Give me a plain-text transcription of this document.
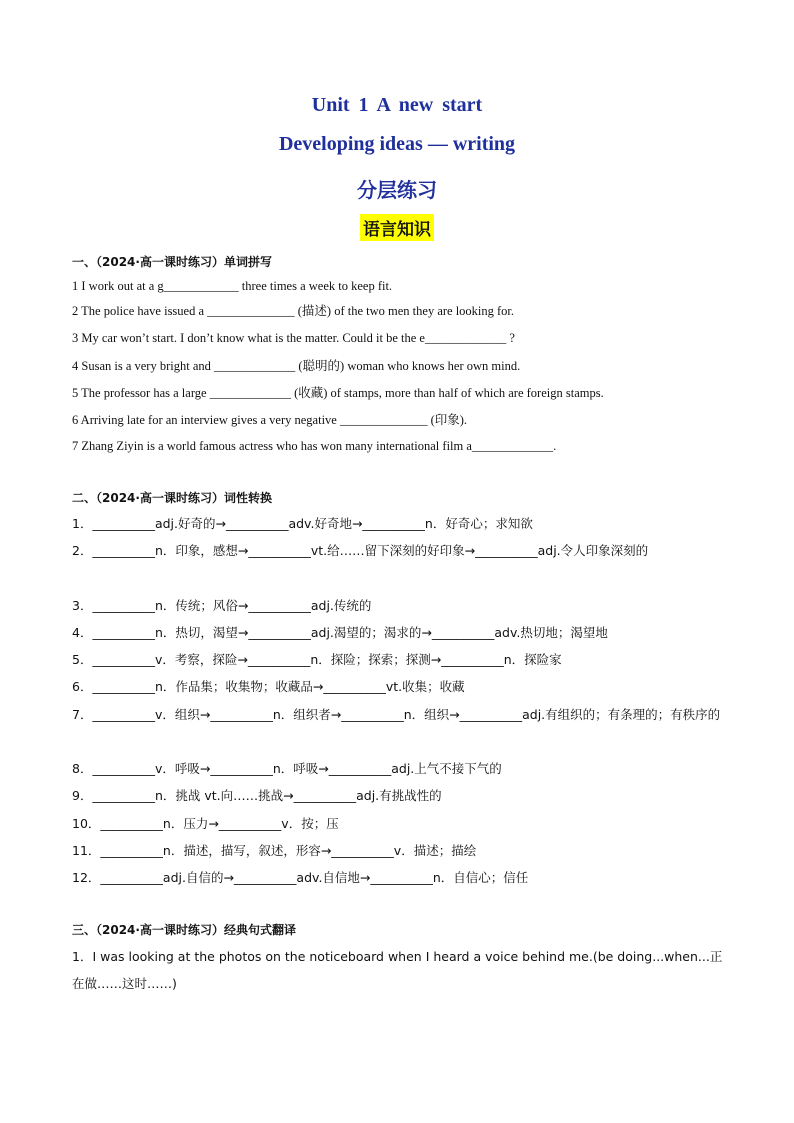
Unit 1 A new start
Developing ideas — writing
分层练习
语言知识
一、（2024·高一课时练习）单词拼写
1 I work out at a g____________ three times a week to keep fit.
2 The police have issued a ______________ (描述) of the two men they are looking for.
3 My car won’t start. I don’t know what is the matter. Could it be the e_____________ ?
4 Susan is a very bright and _____________ (聪明的) woman who knows her own mind.
5 The professor has a large _____________ (收藏) of stamps, more than half of which are foreign stamps.
6 Arriving late for an interview gives a very negative ______________ (印象).
7 Zhang Ziyin is a world famous actress who has won many international film a_____________.
二、（2024·高一课时练习）词性转换
1．__________adj.好奇的→__________adv.好奇地→__________n．好奇心；求知欲
2．__________n．印象，感想→__________vt.给……留下深刻的好印象→__________adj.令人印象深刻的
3．__________n．传统；风俗→__________adj.传统的
4．__________n．热切，渴望→__________adj.渴望的；渴求的→__________adv.热切地；渴望地
5．__________v．考察，探险→__________n．探险；探索；探测→__________n．探险家
6．__________n．作品集；收集物；收藏品→__________vt.收集；收藏
7．__________v．组织→__________n．组织者→__________n．组织→__________adj.有组织的；有条理的；有秩序的
8．__________v．呼吸→__________n．呼吸→__________adj.上气不接下气的
9．__________n．挑战 vt.向……挑战→__________adj.有挑战性的
10．__________n．压力→__________v．按；压
11．__________n．描述，描写，叙述，形容→__________v．描述；描绘
12．__________adj.自信的→__________adv.自信地→__________n．自信心；信任
三、（2024·高一课时练习）经典句式翻译
1．I was looking at the photos on the noticeboard when I heard a voice behind me.(be doing...when...正在做……这时……)
